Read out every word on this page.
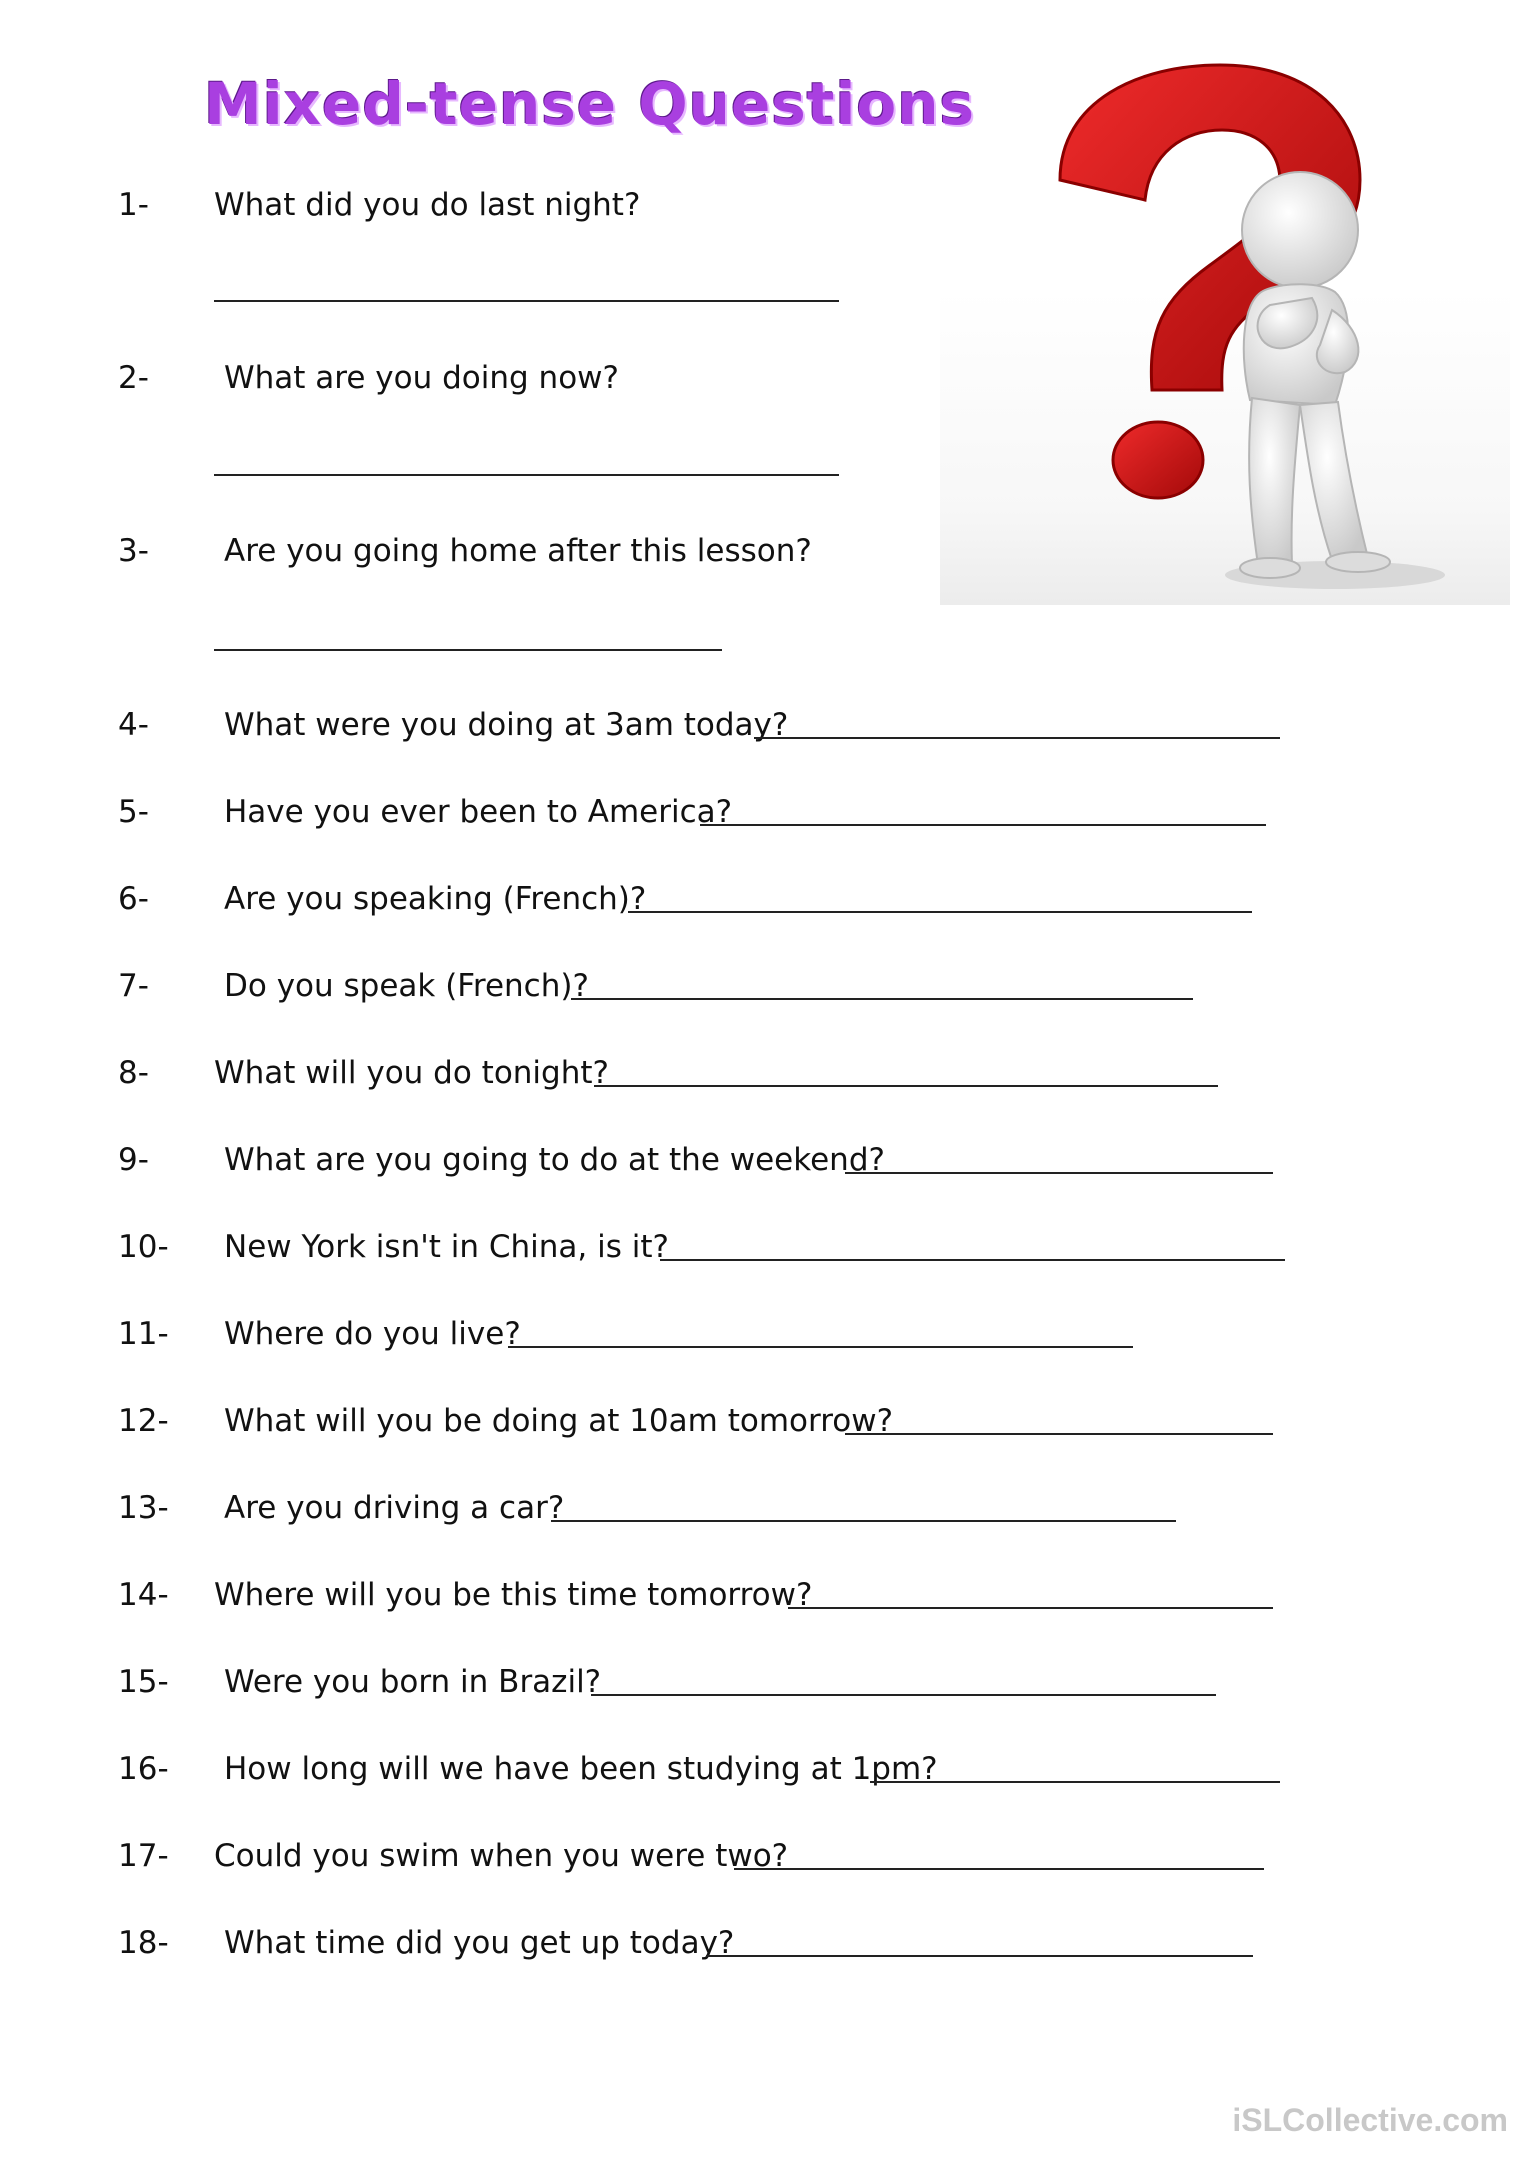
Mixed-tense Questions
1- What did you do last night?
2- What are you doing now?
3- Are you going home after this lesson?
4- What were you doing at 3am today?
5- Have you ever been to America?
6- Are you speaking (French)?
7- Do you speak (French)?
8- What will you do tonight?
9- What are you going to do at the weekend?
10- New York isn't in China, is it?
11- Where do you live?
12- What will you be doing at 10am tomorrow?
13- Are you driving a car?
14- Where will you be this time tomorrow?
15- Were you born in Brazil?
16- How long will we have been studying at 1pm?
17- Could you swim when you were two?
18- What time did you get up today?
iSLCollective.com
